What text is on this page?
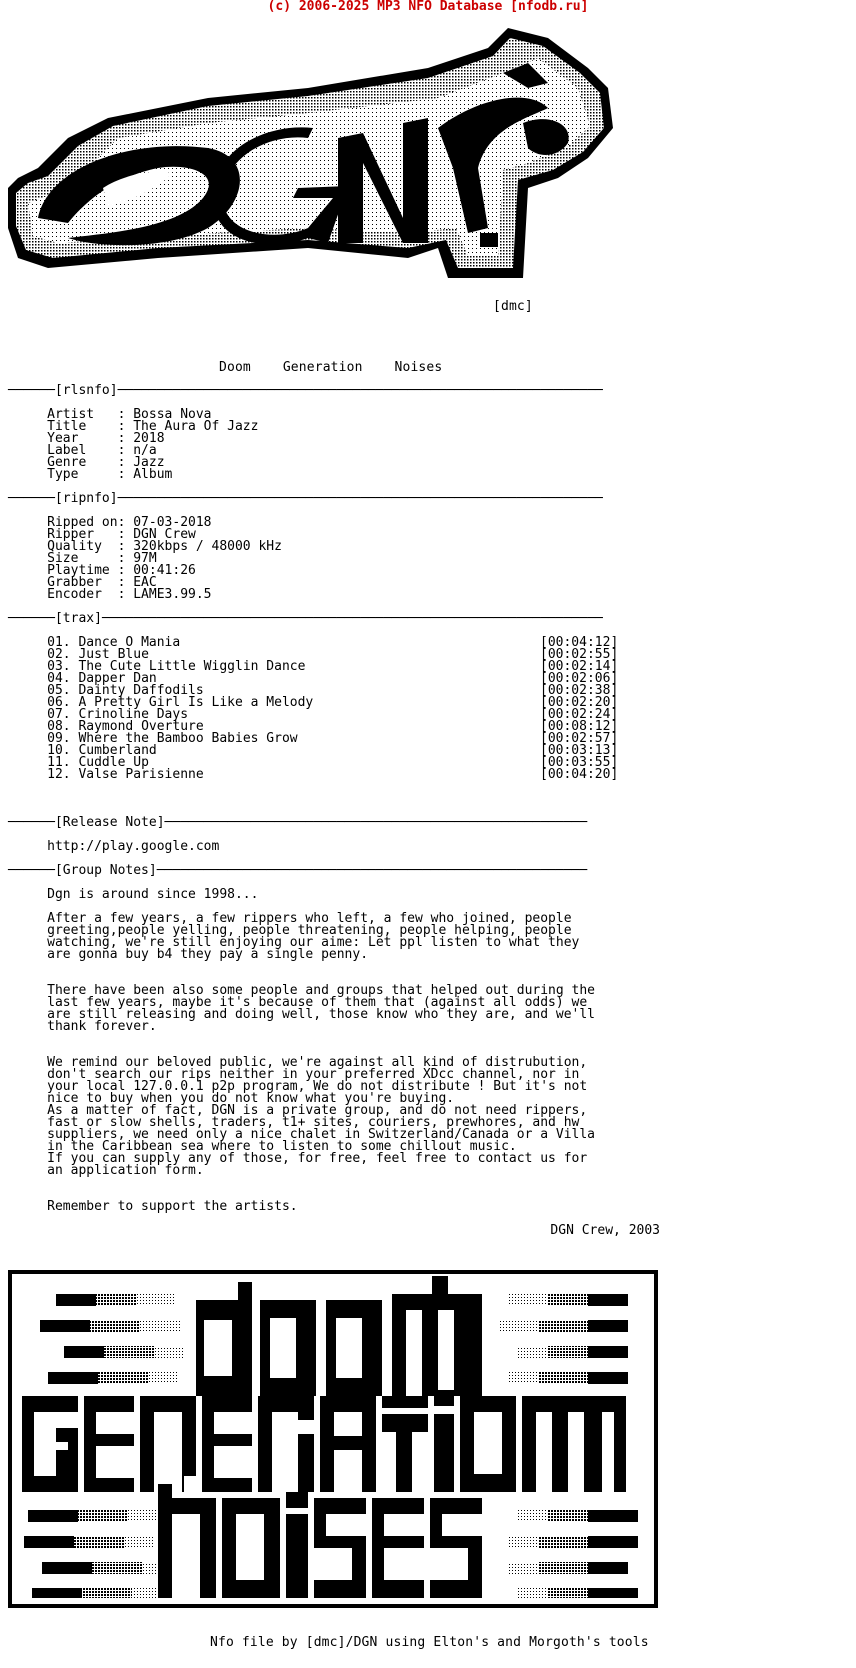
(c) 2006-2025 MP3 NFO Database [nfodb.ru]
[dmc]
Doom    Generation    Noises
──────[rlsnfo]──────────────────────────────────────────────────────────────

Artist   : Bossa Nova
Title    : The Aura Of Jazz
Year     : 2018
Label    : n/a
Genre    : Jazz
Type     : Album

──────[ripnfo]──────────────────────────────────────────────────────────────

Ripped on: 07-03-2018
Ripper   : DGN Crew
Quality  : 320kbps / 48000 kHz
Size     : 97M
Playtime : 00:41:26
Grabber  : EAC
Encoder  : LAME3.99.5

──────[trax]────────────────────────────────────────────────────────────────

01. Dance O Mania	[00:04:12]
02. Just Blue	[00:02:55]
03. The Cute Little Wigglin Dance	[00:02:14]
04. Dapper Dan	[00:02:06]
05. Dainty Daffodils	[00:02:38]
06. A Pretty Girl Is Like a Melody	[00:02:20]
07. Crinoline Days	[00:02:24]
08. Raymond Overture	[00:08:12]
09. Where the Bamboo Babies Grow	[00:02:57]
10. Cumberland	[00:03:13]
11. Cuddle Up	[00:03:55]
12. Valse Parisienne	[00:04:20]

──────[Release Note]──────────────────────────────────────────────────────

http://play.google.com

──────[Group Notes]───────────────────────────────────────────────────────

Dgn is around since 1998...

After a few years, a few rippers who left, a few who joined, people
greeting,people yelling, people threatening, people helping, people
watching, we're still enjoying our aime: Let ppl listen to what they
are gonna buy b4 they pay a single penny.

There have been also some people and groups that helped out during the
last few years, maybe it's because of them that (against all odds) we
are still releasing and doing well, those know who they are, and we'll
thank forever.

We remind our beloved public, we're against all kind of distrubution,
don't search our rips neither in your preferred XDcc channel, nor in
your local 127.0.0.1 p2p program, We do not distribute ! But it's not
nice to buy when you do not know what you're buying.
As a matter of fact, DGN is a private group, and do not need rippers,
fast or slow shells, traders, t1+ sites, couriers, prewhores, and hw
suppliers, we need only a nice chalet in Switzerland/Canada or a Villa
in the Caribbean sea where to listen to some chillout music.
If you can supply any of those, for free, feel free to contact us for
an application form.

Remember to support the artists.

DGN Crew, 2003
Nfo file by [dmc]/DGN using Elton's and Morgoth's tools
